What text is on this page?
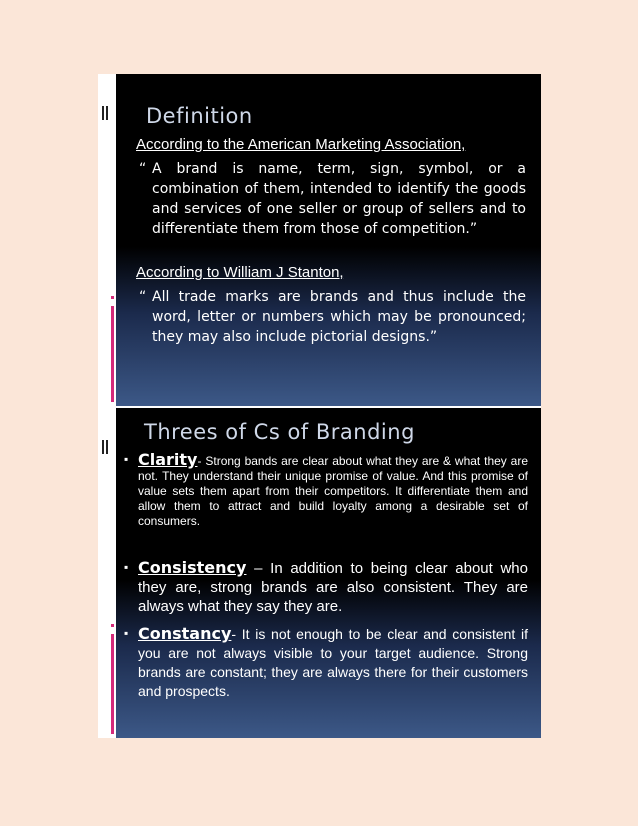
Definition
According to the American Marketing Association,
“ A brand is name, term, sign, symbol, or a combination of them, intended to identify the goods and services of one seller or group of sellers and to differentiate them from those of competition.”
According to William J Stanton,
“ All trade marks are brands and thus include the word, letter or numbers which may be pronounced; they may also include pictorial designs.”
Threes of Cs of Branding
▪ Clarity- Strong bands are clear about what they are & what they are not. They understand their unique promise of value. And this promise of value sets them apart from their competitors. It differentiate them and allow them to attract and build loyalty among a desirable set of consumers.
▪ Consistency – In addition to being clear about who they are, strong brands are also consistent. They are always what they say they are.
▪ Constancy- It is not enough to be clear and consistent if you are not always visible to your target audience. Strong brands are constant; they are always there for their customers and prospects.
